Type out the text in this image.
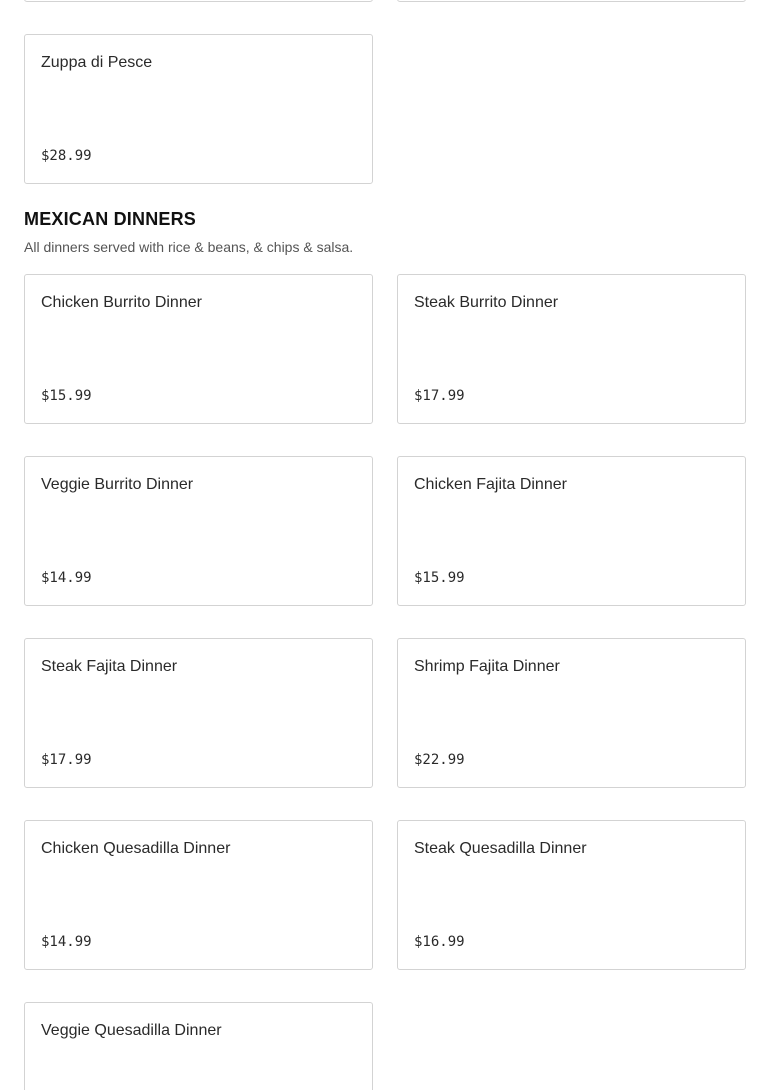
Zuppa di Pesce
$28.99
MEXICAN DINNERS

All dinners served with rice & beans, & chips & salsa.

Chicken Burrito Dinner
$15.99
Steak Burrito Dinner
$17.99
Veggie Burrito Dinner
$14.99
Chicken Fajita Dinner
$15.99
Steak Fajita Dinner
$17.99
Shrimp Fajita Dinner
$22.99
Chicken Quesadilla Dinner
$14.99
Steak Quesadilla Dinner
$16.99
Veggie Quesadilla Dinner
